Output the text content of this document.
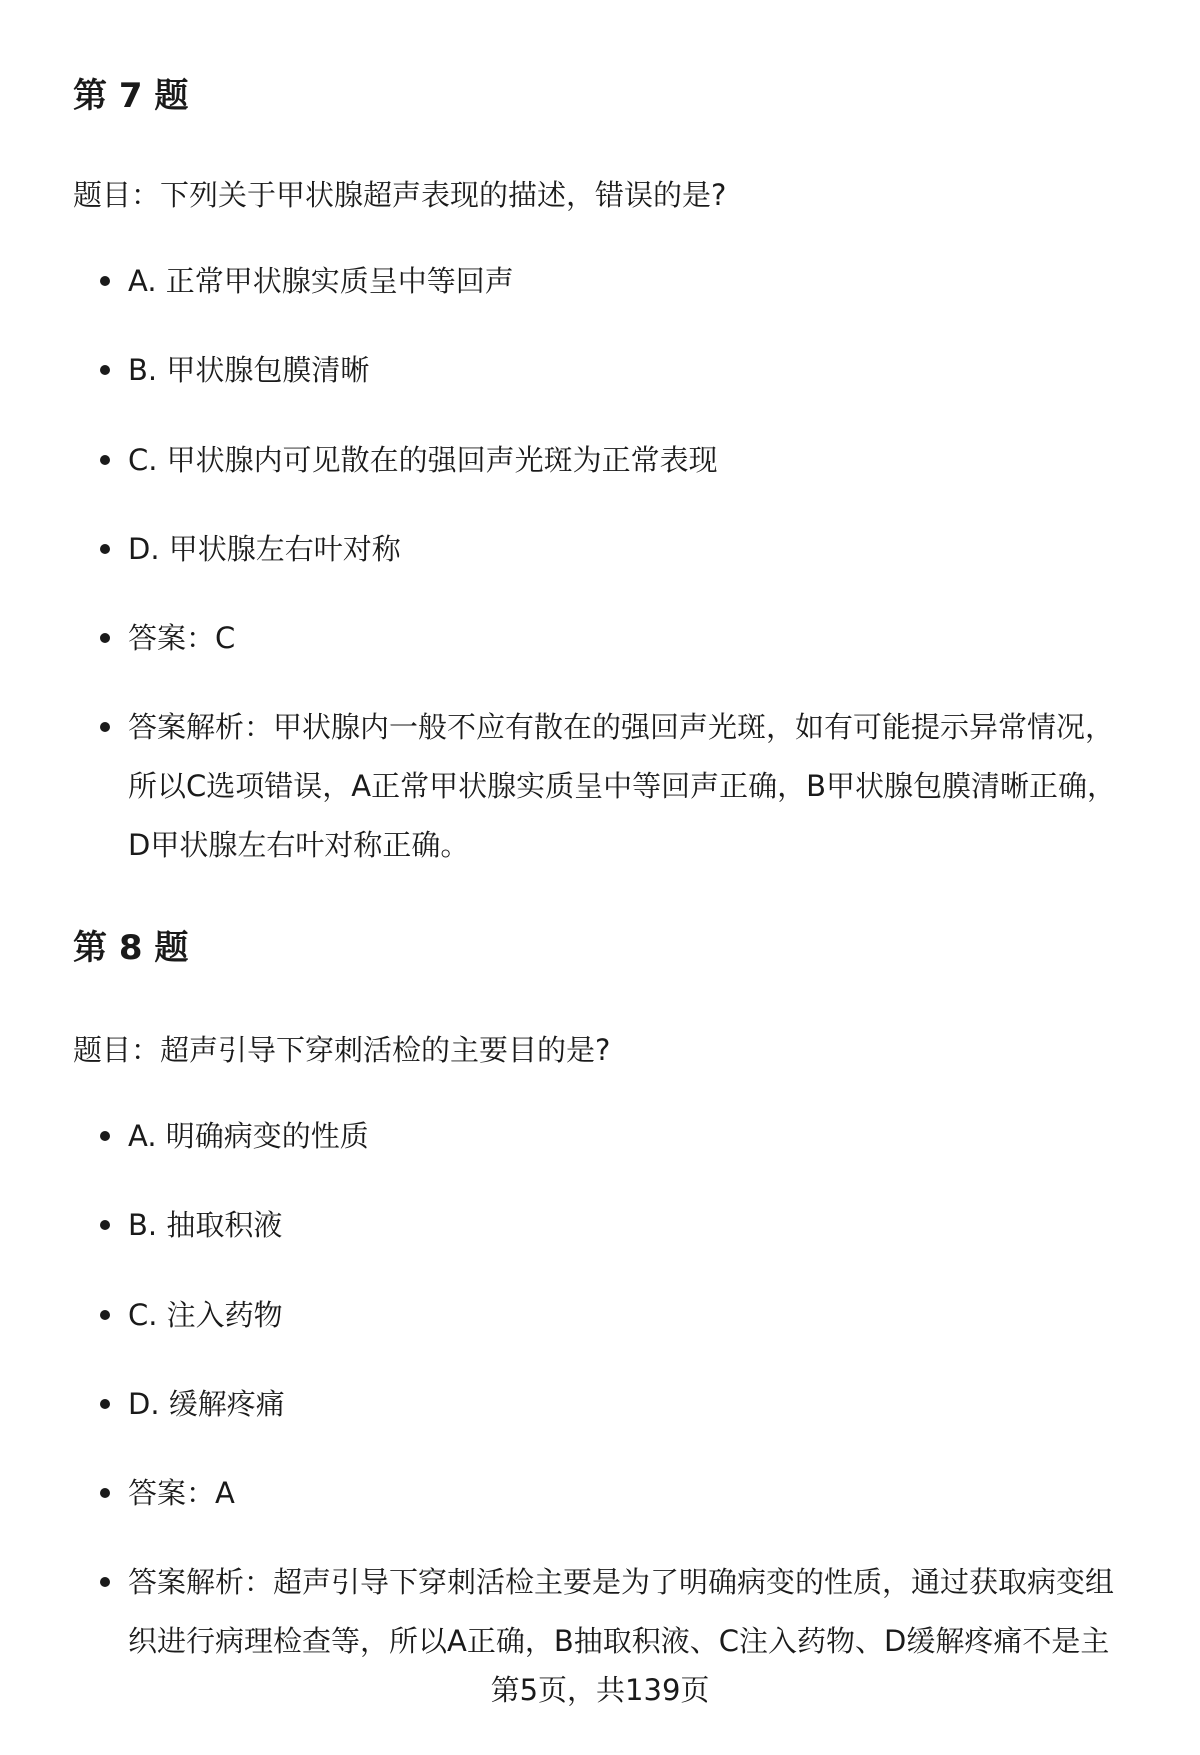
第 7 题

题目：下列关于甲状腺超声表现的描述，错误的是?

A. 正常甲状腺实质呈中等回声
B. 甲状腺包膜清晰
C. 甲状腺内可见散在的强回声光斑为正常表现
D. 甲状腺左右叶对称
答案：C
答案解析：甲状腺内一般不应有散在的强回声光斑，如有可能提示异常情况，所以C选项错误，A正常甲状腺实质呈中等回声正确，B甲状腺包膜清晰正确，D甲状腺左右叶对称正确。
第 8 题

题目：超声引导下穿刺活检的主要目的是?

A. 明确病变的性质
B. 抽取积液
C. 注入药物
D. 缓解疼痛
答案：A
答案解析：超声引导下穿刺活检主要是为了明确病变的性质，通过获取病变组织进行病理检查等，所以A正确，B抽取积液、C注入药物、D缓解疼痛不是主
第5页，共139页
